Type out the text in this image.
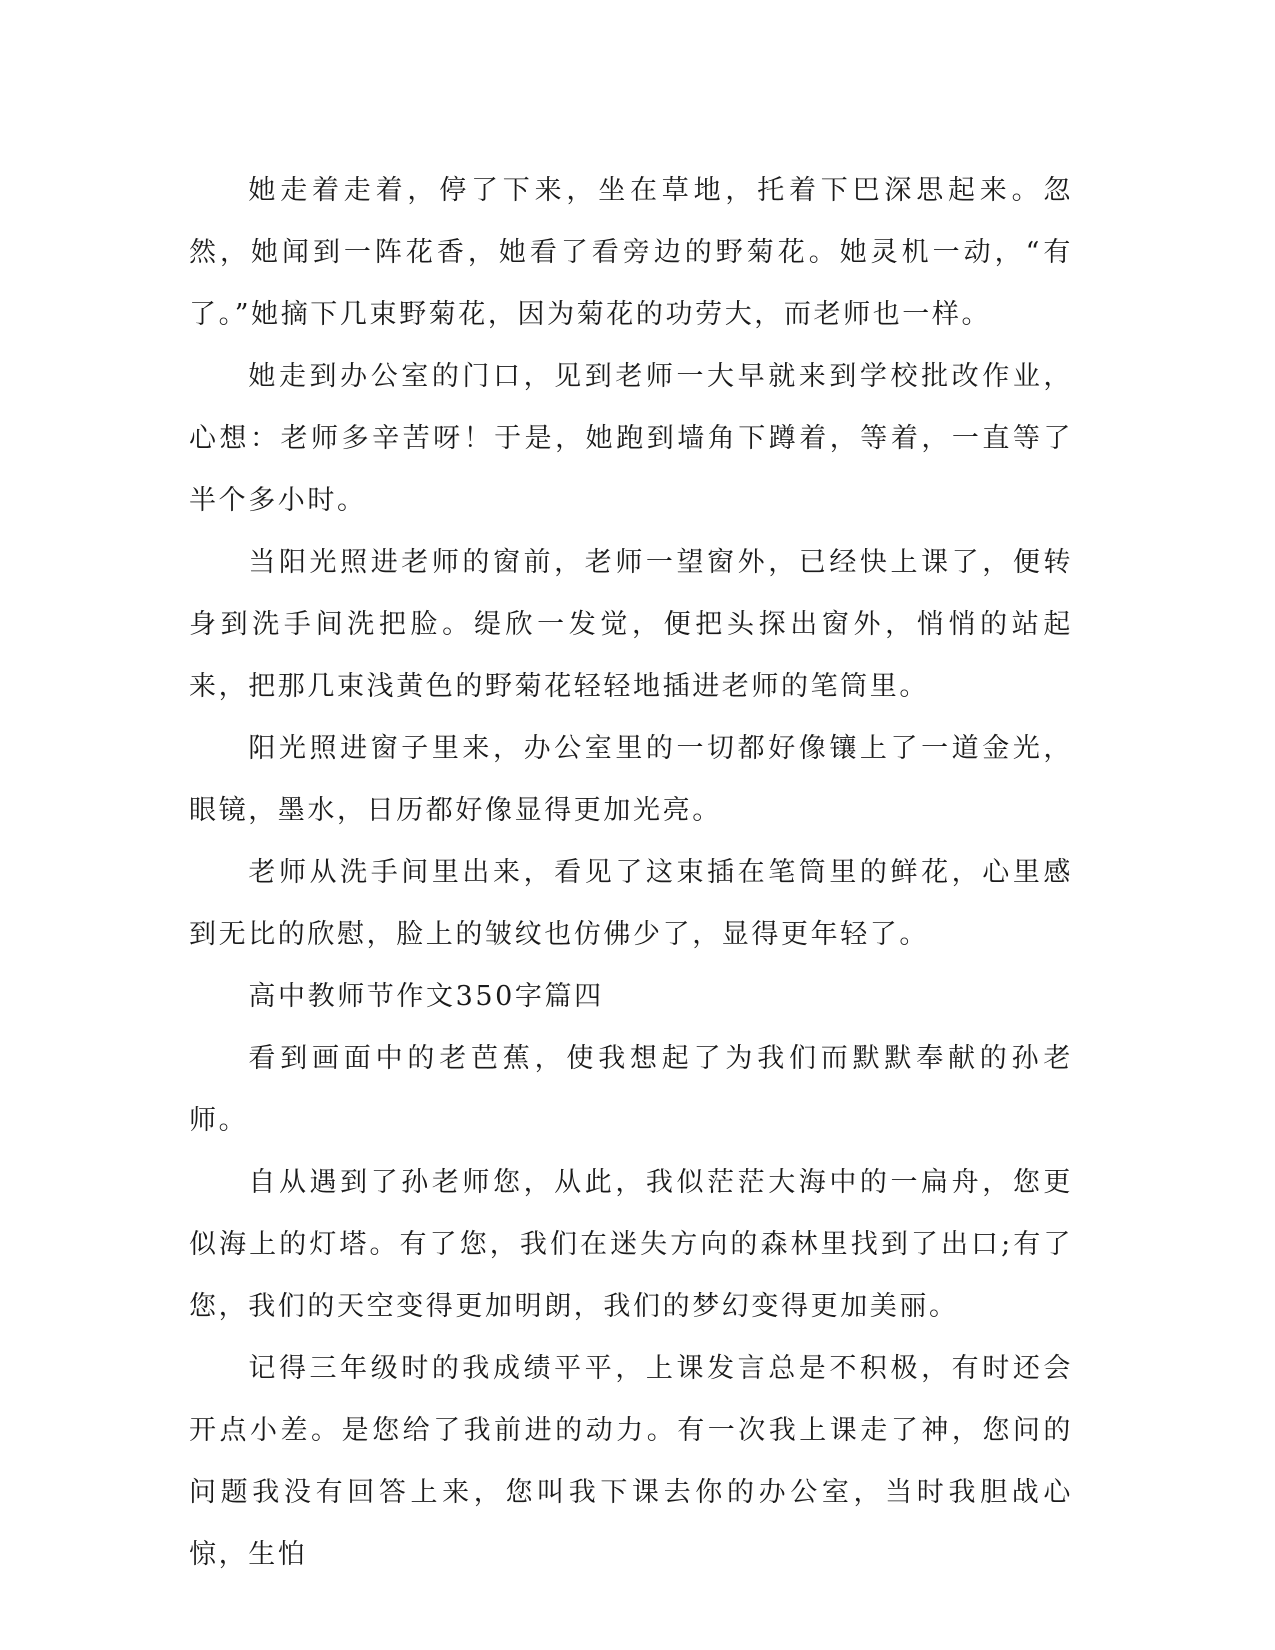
她走着走着，停了下来，坐在草地，托着下巴深思起来。忽然，她闻到一阵花香，她看了看旁边的野菊花。她灵机一动，“有了。”她摘下几束野菊花，因为菊花的功劳大，而老师也一样。

她走到办公室的门口，见到老师一大早就来到学校批改作业，心想：老师多辛苦呀！于是，她跑到墙角下蹲着，等着，一直等了半个多小时。

当阳光照进老师的窗前，老师一望窗外，已经快上课了，便转身到洗手间洗把脸。缇欣一发觉，便把头探出窗外，悄悄的站起来，把那几束浅黄色的野菊花轻轻地插进老师的笔筒里。

阳光照进窗子里来，办公室里的一切都好像镶上了一道金光，眼镜，墨水，日历都好像显得更加光亮。

老师从洗手间里出来，看见了这束插在笔筒里的鲜花，心里感到无比的欣慰，脸上的皱纹也仿佛少了，显得更年轻了。

高中教师节作文350字篇四

看到画面中的老芭蕉，使我想起了为我们而默默奉献的孙老师。

自从遇到了孙老师您，从此，我似茫茫大海中的一扁舟，您更似海上的灯塔。有了您，我们在迷失方向的森林里找到了出口;有了您，我们的天空变得更加明朗，我们的梦幻变得更加美丽。

记得三年级时的我成绩平平，上课发言总是不积极，有时还会开点小差。是您给了我前进的动力。有一次我上课走了神，您问的问题我没有回答上来，您叫我下课去你的办公室，当时我胆战心惊，生怕
